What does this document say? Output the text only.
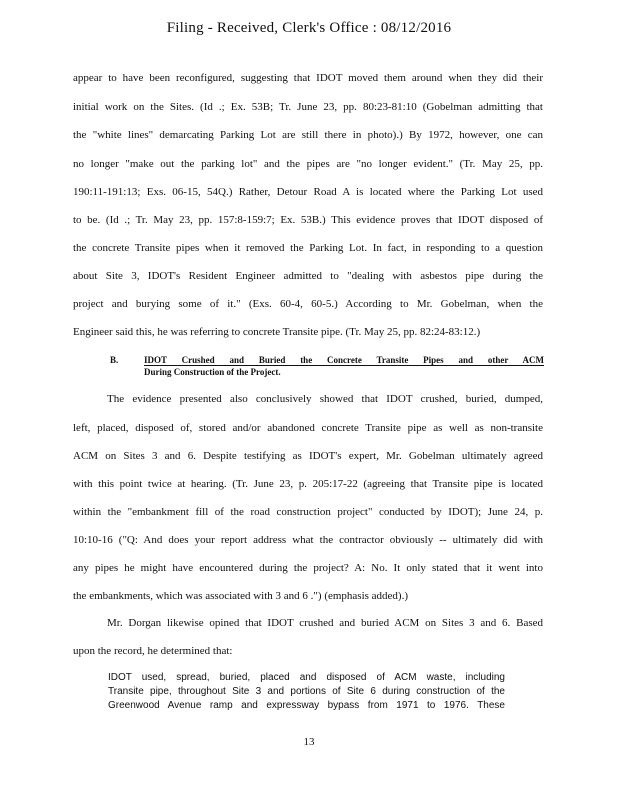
Filing - Received, Clerk's Office : 08/12/2016
appear to have been reconfigured, suggesting that IDOT moved them around when they did their
initial work on the Sites. (Id .; Ex. 53B; Tr. June 23, pp. 80:23-81:10 (Gobelman admitting that
the "white lines" demarcating Parking Lot are still there in photo).) By 1972, however, one can
no longer "make out the parking lot" and the pipes are "no longer evident." (Tr. May 25, pp.
190:11-191:13; Exs. 06-15, 54Q.) Rather, Detour Road A is located where the Parking Lot used
to be. (Id .; Tr. May 23, pp. 157:8-159:7; Ex. 53B.) This evidence proves that IDOT disposed of
the concrete Transite pipes when it removed the Parking Lot. In fact, in responding to a question
about Site 3, IDOT's Resident Engineer admitted to "dealing with asbestos pipe during the
project and burying some of it." (Exs. 60-4, 60-5.) According to Mr. Gobelman, when the
Engineer said this, he was referring to concrete Transite pipe. (Tr. May 25, pp. 82:24-83:12.)
B.	IDOT Crushed and Buried the Concrete Transite Pipes and other ACM
During Construction of the Project.
The evidence presented also conclusively showed that IDOT crushed, buried, dumped,
left, placed, disposed of, stored and/or abandoned concrete Transite pipe as well as non-transite
ACM on Sites 3 and 6. Despite testifying as IDOT's expert, Mr. Gobelman ultimately agreed
with this point twice at hearing. (Tr. June 23, p. 205:17-22 (agreeing that Transite pipe is located
within the "embankment fill of the road construction project" conducted by IDOT); June 24, p.
10:10-16 ("Q: And does your report address what the contractor obviously -- ultimately did with
any pipes he might have encountered during the project? A: No. It only stated that it went into
the embankments, which was associated with 3 and 6 .") (emphasis added).)
Mr. Dorgan likewise opined that IDOT crushed and buried ACM on Sites 3 and 6. Based
upon the record, he determined that:
IDOT used, spread, buried, placed and disposed of ACM waste, including
Transite pipe, throughout Site 3 and portions of Site 6 during construction of the
Greenwood Avenue ramp and expressway bypass from 1971 to 1976. These
13
